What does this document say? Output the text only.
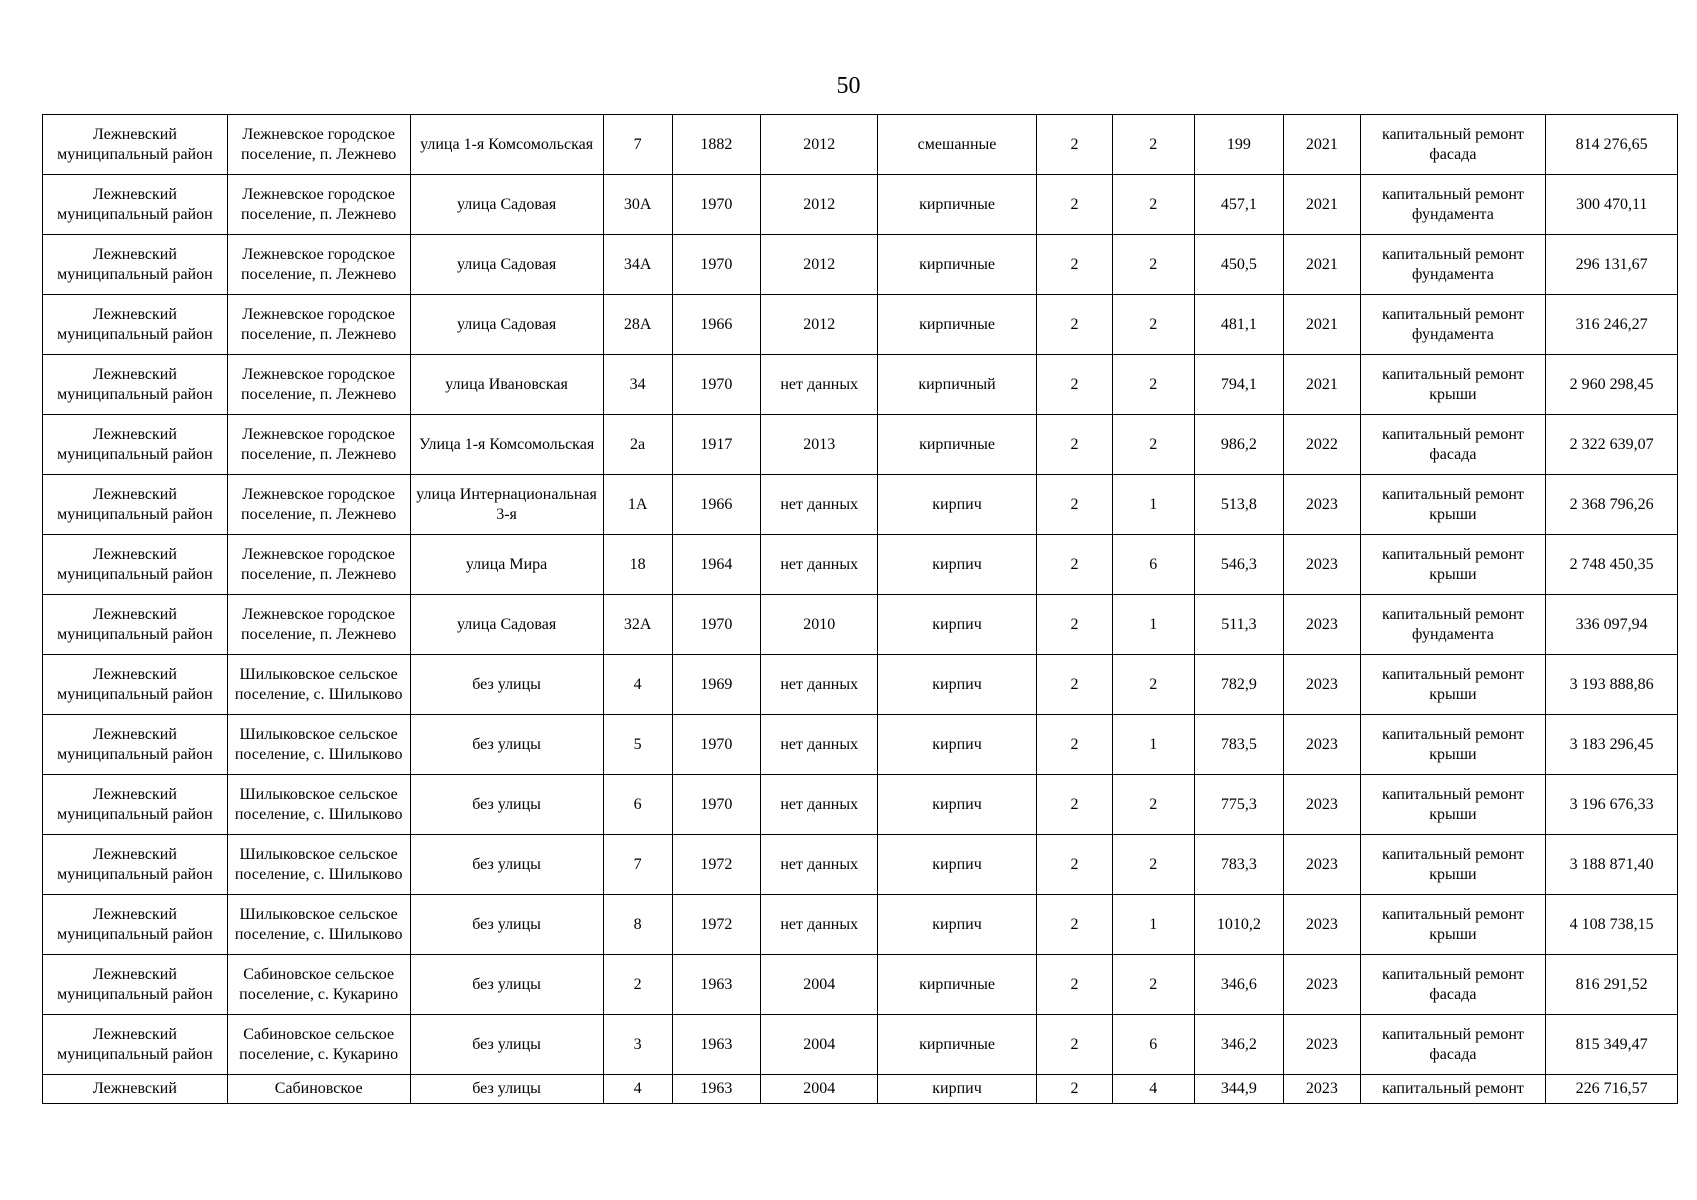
50
Лежневский муниципальный район	Лежневское городское поселение, п. Лежнево	улица 1-я Комсомольская	7	1882	2012	смешанные	2	2	199	2021	капитальный ремонт фасада	814 276,65
Лежневский муниципальный район	Лежневское городское поселение, п. Лежнево	улица Садовая	30А	1970	2012	кирпичные	2	2	457,1	2021	капитальный ремонт фундамента	300 470,11
Лежневский муниципальный район	Лежневское городское поселение, п. Лежнево	улица Садовая	34А	1970	2012	кирпичные	2	2	450,5	2021	капитальный ремонт фундамента	296 131,67
Лежневский муниципальный район	Лежневское городское поселение, п. Лежнево	улица Садовая	28А	1966	2012	кирпичные	2	2	481,1	2021	капитальный ремонт фундамента	316 246,27
Лежневский муниципальный район	Лежневское городское поселение, п. Лежнево	улица Ивановская	34	1970	нет данных	кирпичный	2	2	794,1	2021	капитальный ремонт крыши	2 960 298,45
Лежневский муниципальный район	Лежневское городское поселение, п. Лежнево	Улица 1-я Комсомольская	2а	1917	2013	кирпичные	2	2	986,2	2022	капитальный ремонт фасада	2 322 639,07
Лежневский муниципальный район	Лежневское городское поселение, п. Лежнево	улица Интернациональная 3-я	1А	1966	нет данных	кирпич	2	1	513,8	2023	капитальный ремонт крыши	2 368 796,26
Лежневский муниципальный район	Лежневское городское поселение, п. Лежнево	улица Мира	18	1964	нет данных	кирпич	2	6	546,3	2023	капитальный ремонт крыши	2 748 450,35
Лежневский муниципальный район	Лежневское городское поселение, п. Лежнево	улица Садовая	32А	1970	2010	кирпич	2	1	511,3	2023	капитальный ремонт фундамента	336 097,94
Лежневский муниципальный район	Шилыковское сельское поселение, с. Шилыково	без улицы	4	1969	нет данных	кирпич	2	2	782,9	2023	капитальный ремонт крыши	3 193 888,86
Лежневский муниципальный район	Шилыковское сельское поселение, с. Шилыково	без улицы	5	1970	нет данных	кирпич	2	1	783,5	2023	капитальный ремонт крыши	3 183 296,45
Лежневский муниципальный район	Шилыковское сельское поселение, с. Шилыково	без улицы	6	1970	нет данных	кирпич	2	2	775,3	2023	капитальный ремонт крыши	3 196 676,33
Лежневский муниципальный район	Шилыковское сельское поселение, с. Шилыково	без улицы	7	1972	нет данных	кирпич	2	2	783,3	2023	капитальный ремонт крыши	3 188 871,40
Лежневский муниципальный район	Шилыковское сельское поселение, с. Шилыково	без улицы	8	1972	нет данных	кирпич	2	1	1010,2	2023	капитальный ремонт крыши	4 108 738,15
Лежневский муниципальный район	Сабиновское сельское поселение, с. Кукарино	без улицы	2	1963	2004	кирпичные	2	2	346,6	2023	капитальный ремонт фасада	816 291,52
Лежневский муниципальный район	Сабиновское сельское поселение, с. Кукарино	без улицы	3	1963	2004	кирпичные	2	6	346,2	2023	капитальный ремонт фасада	815 349,47
Лежневский	Сабиновское	без улицы	4	1963	2004	кирпич	2	4	344,9	2023	капитальный ремонт	226 716,57
